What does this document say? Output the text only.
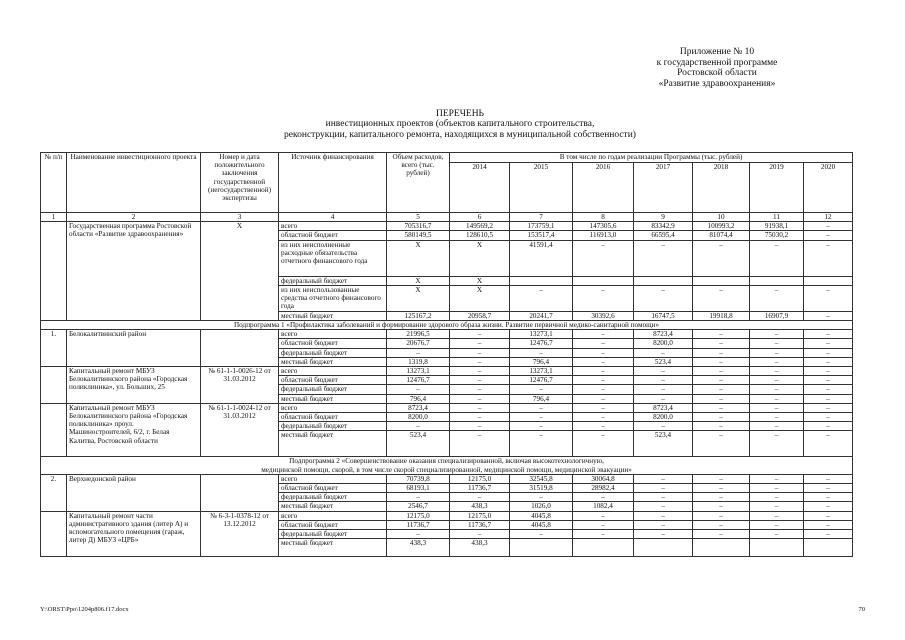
Приложение № 10
к государственной программе
Ростовской области
«Развитие здравоохранения»
ПЕРЕЧЕНЬ
инвестиционных проектов (объектов капитального строительства,
реконструкции, капитального ремонта, находящихся в муниципальной собственности)
№ п/п	Наименование инвестиционного проекта	Номер и дата положительного заключения государственной (негосударственной) экспертизы	Источник финансирования	Объем расходов, всего (тыс. рублей)	В том числе по годам реализации Программы (тыс. рублей)						
					2014	2015	2016	2017	2018	2019	2020
1	2	3	4	5	6	7	8	9	10	11	12
	Государственная программа Ростовской области «Развитие здравоохранения»	Х	всего	705316,7	149569,2	173759,1	147305,6	83342,9	100993,2	91938,1	–
			областной бюджет	580149,5	128610,5	153517,4	116913,0	66595,4	81074,4	75030,2	–
			из них неисполненные расходные обязательства отчетного финансового года	Х	Х	41591,4	–	–	–	–	–
			федеральный бюджет	Х	Х						
			из них неиспользованные средства отчетного финансового года	Х	Х	–	–	–	–	–	–
			местный бюджет	125167,2	20958,7	20241,7	30392,6	16747,5	19918,8	16907,9	–

Подпрограмма 1 «Профилактика заболеваний и формирование здорового образа жизни. Развитие первичной медико-санитарной помощи»											

1.	Белокалитвинский район		всего	21996,5	–	13273,1	–	8723,4	–	–	–
			областной бюджет	20676,7	–	12476,7	–	8200,0	–	–	–
			федеральный бюджет	–	–	–	–	–	–	–	–
			местный бюджет	1319,8	–	796,4	–	523,4	–	–	–
	Капитальный ремонт МБУЗ Белокалитвинского района «Городская поликлиника», ул. Больших, 25	№ 61-1-1-0026-12 от 31.03.2012	всего	13273,1	–	13273,1	–	–	–	–	–
			областной бюджет	12476,7	–	12476,7	–	–	–	–	–
			федеральный бюджет	–	–	–	–	–	–	–	–
			местный бюджет	796,4	–	796,4	–	–	–	–	–
	Капитальный ремонт МБУЗ Белокалитвинского района «Городская поликлиника» проул. Машиностроителей, 6/2, г. Белая Калитва, Ростовской области	№ 61-1-1-0024-12 от 31.03.2012	всего	8723,4	–	–	–	8723,4	–	–	–
			областной бюджет	8200,0	–	–	–	8200,0	–	–	–
			федеральный бюджет	–	–	–	–	–	–	–	–
			местный бюджет	523,4	–	–	–	523,4	–	–	–

Подпрограмма 2 «Совершенствование оказания специализированной, включая высокотехнологичную,
медицинской помощи, скорой, в том числе скорой специализированной, медицинской помощи, медицинской эвакуации»											

2.	Верхнедонской район		всего	70739,8	12175,0	32545,8	30064,8	–	–	–	–
			областной бюджет	68193,1	11736,7	31519,8	28982,4	–	–	–	–
			федеральный бюджет	–	–	–	–	–	–	–	–
			местный бюджет	2546,7	438,3	1026,0	1082,4	–	–	–	–
	Капитальный ремонт части административного здания (литер А) и вспомогательного помещения (гараж, литер Д) МБУЗ «ЦРБ»	№ 6-3-1-0378-12 от 13.12.2012	всего	12175,0	12175,0	4045,8	–	–	–	–	–
			областной бюджет	11736,7	11736,7	4045,8	–	–	–	–	–
			федеральный бюджет	–	–	–	–	–	–	–	–
			местный бюджет	438,3	438,3						
Y:\ORST\Ppo\1204p806.f17.docx	70
